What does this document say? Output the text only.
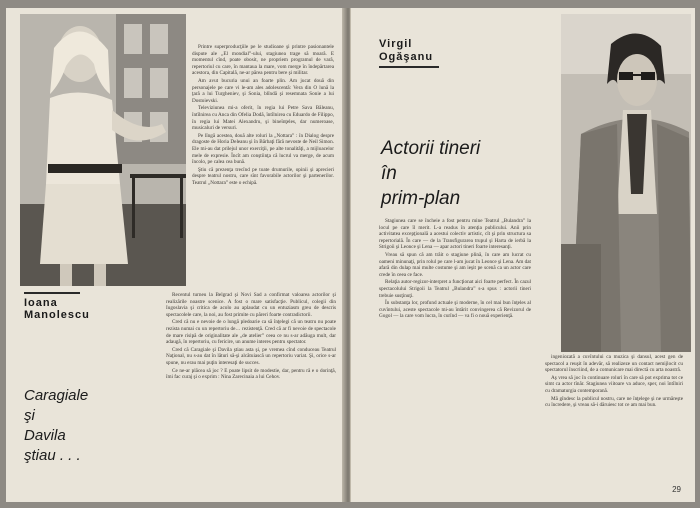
Printre superproducţiile pe le studioane şi printre pasionantele dispute ale „El mondial”-ului, stagiunea trage să moară. E momentul cînd, poate obosit, ne propriem programul de vară, repertoriul cu care, în mantaua la mare, vom merge în îndepărtarea acestora, din Capitală, ne-ar părea pentru bere şi militar.

Am avut bucuria unui an foarte plin. Am jucat două din personajele pe care vi le-am ales adolescentă: Vera din O lună la ţară a lui Turgheniev, şi Sonia, blîndă şi resemnata Sonie a lui Dostoievski.

Televiziunea mi-a oferit, în regia lui Petre Sava Băleanu, întîlnirea cu Anca din Ofelia Dodă, întîlnirea cu Eduardo de Filippo, în regia lui Matei Alexandru, şi bineînţeles, dar numeroase, musicaluri de versuri.

Pe lîngă acestea, două alte roluri la „Nottara” : în Dialog despre dragoste de Horia Deleanu şi în Bărbaţi fără nevoste de Neil Simon. Ele mi-au dat prilejul unor exerciţii, pe alte tonalităţi, a mijloacelor mele de expresie. Încît am conştiinţa că lucrul va merge, de acum încolo, pe calea cea bună.

Ştiu că prezenţa trecînd pe toate drumurile, opinii şi aprecieri despre teatrul nostru, care sînt favorabile actorilor şi partenerilor. Teatrul „Nottara” este o echipă.

Ioana
Manolescu
Caragiale
şi
Davila
ştiau . . .

Recentul turneu la Belgrad şi Novi Sad a confirmat valoarea actorilor şi realizările noastre scenice. A fost o mare satisfacţie. Publicul, colegii din Iugoslavia şi critica de acolo au aplaudat cu un entuziasm greu de descris spectacolele care, la noi, au fost primite cu păreri foarte contradictorii.

Cred că nu e nevoie de o lungă pledoarie ca să înţelegi că un teatru nu poate rezista numai cu un repertoriu de… rezistenţă. Cred că ar fi nevoie de spectacole de mare risipă de originalitate ale „de atelier” ceea ce nu s-ar adăuga mult, dar adaugă, în repertoriu, cu fericire, un anume interes pentru spectator.

Cred că Caragiale şi Davila ştiau asta şi, pe vremea cînd conduceau Teatrul Naţional, nu s-au dat în lături să-şi alcătuiască un repertoriu variat. Şi, orice s-ar spune, nu erau mai puţin interesaţi de succes.

Ce ne-ar plăcea să joc ? E poate lipsit de modestie, dar, pentru ră e o dorinţă, îmi fac curaj şi o exprim : Nina Zarecinaia a lui Cehov.

Virgil
Ogăşanu
Actorii tineri
în
prim-plan

Stagiunea care se încheie a fost pentru mine Teatrul „Bulandra” la locul pe care îl merit. L-a readus în atenţia publicului. Anii prin activitatea excepţională a acestui colectiv artistic, cît şi prin structura sa repertorială. În care — de la Transfigurarea trupul şi Harta de ierbă la Strigoii şi Leonce şi Lena — apar actori tineri foarte interesanţi.

Vreau să spun că am trăit o stagiune plină, în care am lucrat cu oameni minunaţi, prin rolul pe care l-am jucat în Leonce şi Lena. Am dat afară din dulap mai multe costume şi am ieşit pe scenă ca un actor care crede în ceea ce face.

Relaţia autor-regizor-interpret a funcţionat aici foarte perfect. În cazul spectacolului Strigoii la Teatrul „Bulandra” s-a spus : actorii tineri trebuie susţinuţi.

În substanţa lor, profund actuale şi moderne, în cel mai bun înţeles al cuvîntului, aceste spectacole mi-au întărit convingerea că Revizorul de Gogol — la care vom lucra, în curînd — va fi o nouă experienţă.

ingeniozată a cuvîntului ca muzica şi dansul, acest gen de spectacol a reuşit în adevăr, să realizeze un contact nemijlocit cu spectatorul înscriind, de a comunicare mai directă cu arta noastră.

Aş vrea să joc în continuare roluri în care să pot exprima tot ce simt ca actor tînăr. Stagiunea viitoare va aduce, sper, noi întîlniri cu dramaturgia contemporană.

Mă gîndesc la publicul nostru, care ne înţelege şi ne urmăreşte cu încredere, şi vreau să-i dăruiesc tot ce am mai bun.

29
